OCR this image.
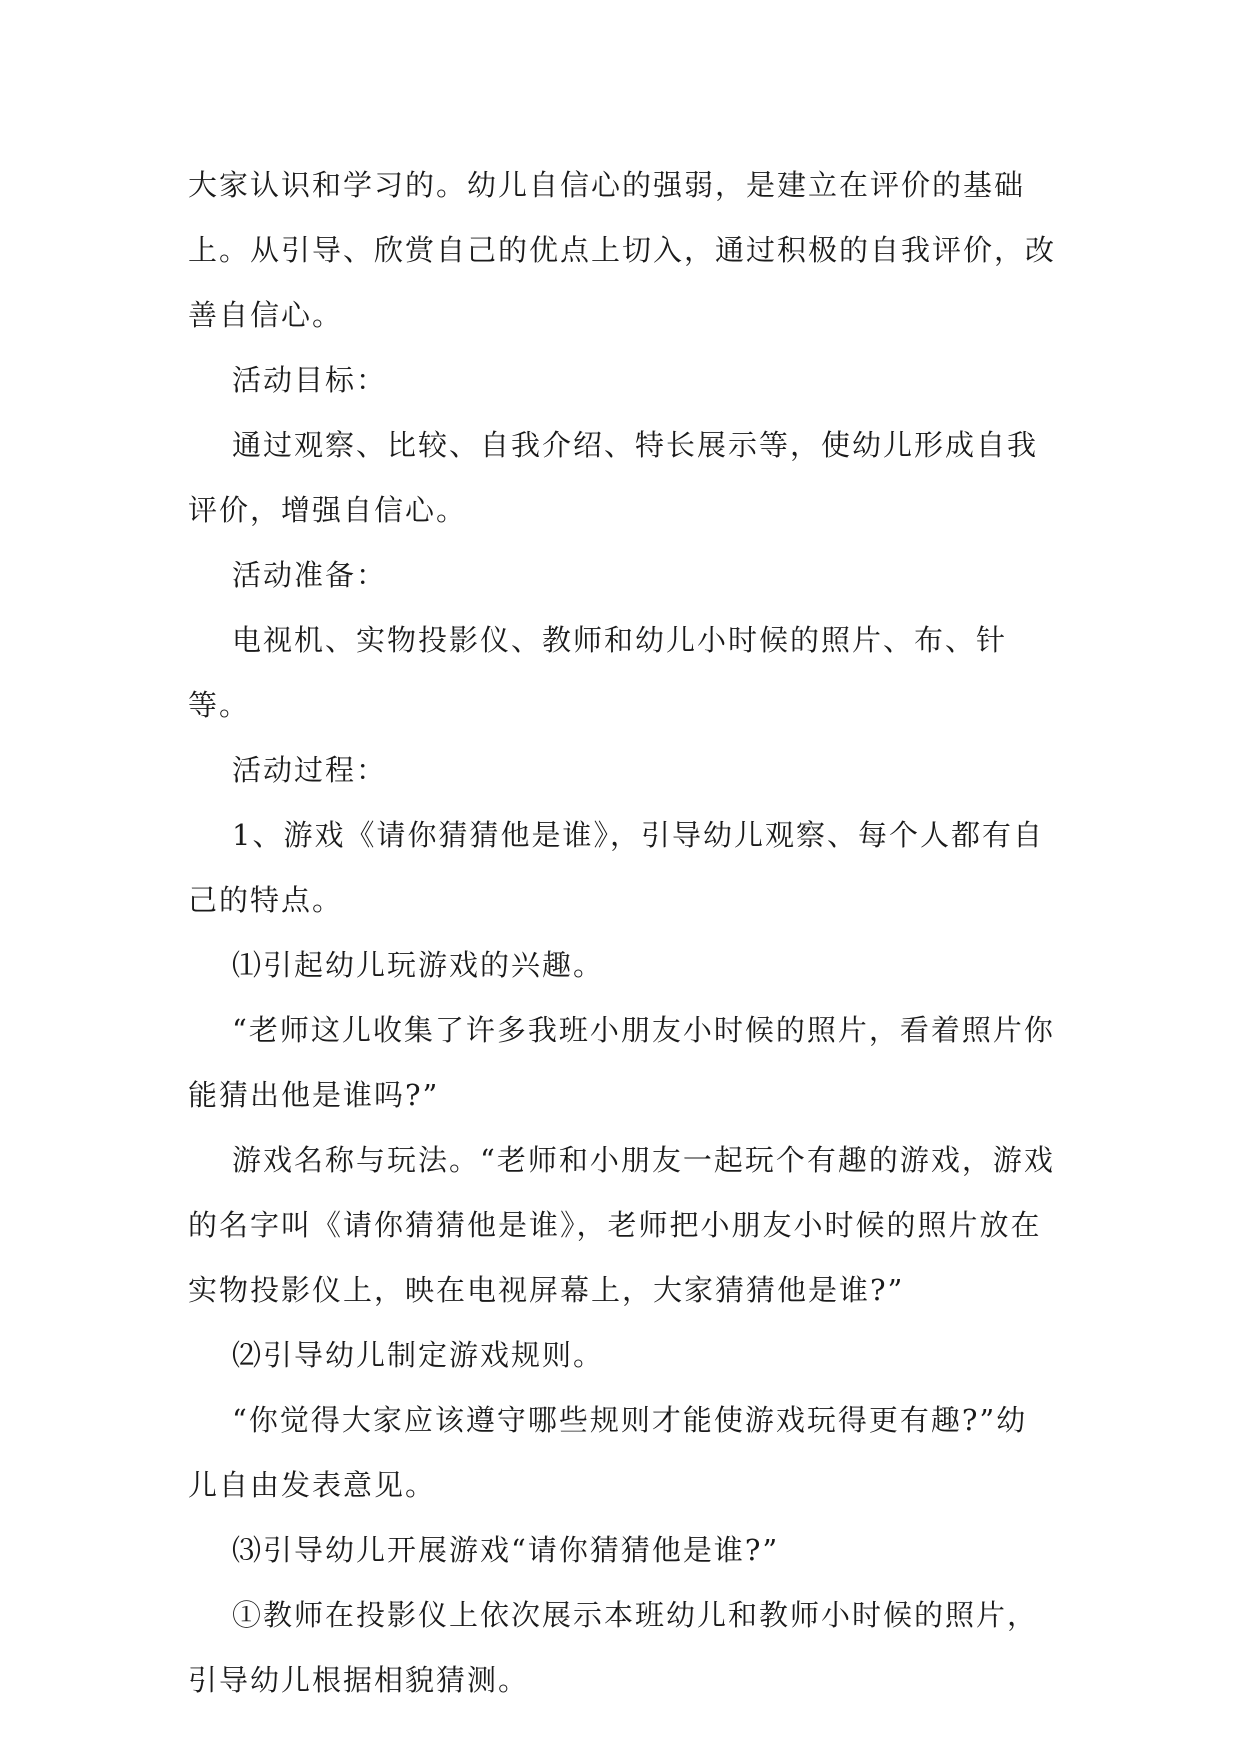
大家认识和学习的。幼儿自信心的强弱，是建立在评价的基础上。从引导、欣赏自己的优点上切入，通过积极的自我评价，改善自信心。

活动目标：

通过观察、比较、自我介绍、特长展示等，使幼儿形成自我评价，增强自信心。

活动准备：

电视机、实物投影仪、教师和幼儿小时候的照片、布、针等。

活动过程：

1、游戏《请你猜猜他是谁》，引导幼儿观察、每个人都有自己的特点。

⑴引起幼儿玩游戏的兴趣。

“老师这儿收集了许多我班小朋友小时候的照片，看着照片你能猜出他是谁吗?”

游戏名称与玩法。“老师和小朋友一起玩个有趣的游戏，游戏的名字叫《请你猜猜他是谁》，老师把小朋友小时候的照片放在实物投影仪上，映在电视屏幕上，大家猜猜他是谁?”

⑵引导幼儿制定游戏规则。

“你觉得大家应该遵守哪些规则才能使游戏玩得更有趣?”幼儿自由发表意见。

⑶引导幼儿开展游戏“请你猜猜他是谁?”

①教师在投影仪上依次展示本班幼儿和教师小时候的照片，引导幼儿根据相貌猜测。
